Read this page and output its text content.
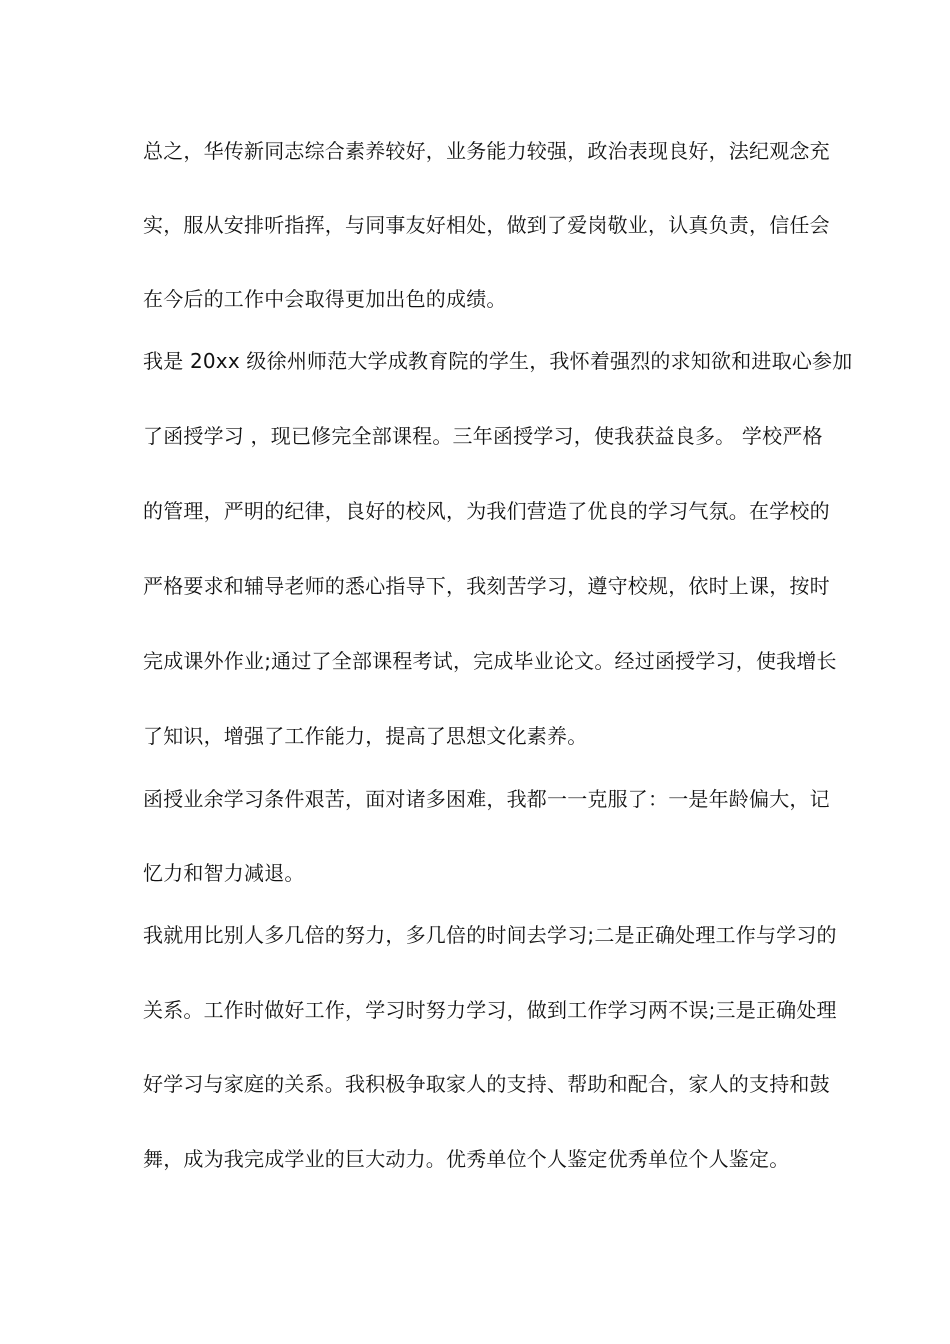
总之，华传新同志综合素养较好，业务能力较强，政治表现良好，法纪观念充
实，服从安排听指挥，与同事友好相处，做到了爱岗敬业，认真负责，信任会
在今后的工作中会取得更加出色的成绩。
我是 20xx 级徐州师范大学成教育院的学生，我怀着强烈的求知欲和进取心参加
了函授学习 ，现已修完全部课程。三年函授学习，使我获益良多。 学校严格
的管理，严明的纪律，良好的校风，为我们营造了优良的学习气氛。在学校的
严格要求和辅导老师的悉心指导下，我刻苦学习，遵守校规，依时上课，按时
完成课外作业;通过了全部课程考试，完成毕业论文。经过函授学习，使我增长
了知识，增强了工作能力，提高了思想文化素养。
函授业余学习条件艰苦，面对诸多困难，我都一一克服了：一是年龄偏大，记
忆力和智力减退。
我就用比别人多几倍的努力，多几倍的时间去学习;二是正确处理工作与学习的
关系。工作时做好工作，学习时努力学习，做到工作学习两不误;三是正确处理
好学习与家庭的关系。我积极争取家人的支持、帮助和配合，家人的支持和鼓
舞，成为我完成学业的巨大动力。优秀单位个人鉴定优秀单位个人鉴定。
